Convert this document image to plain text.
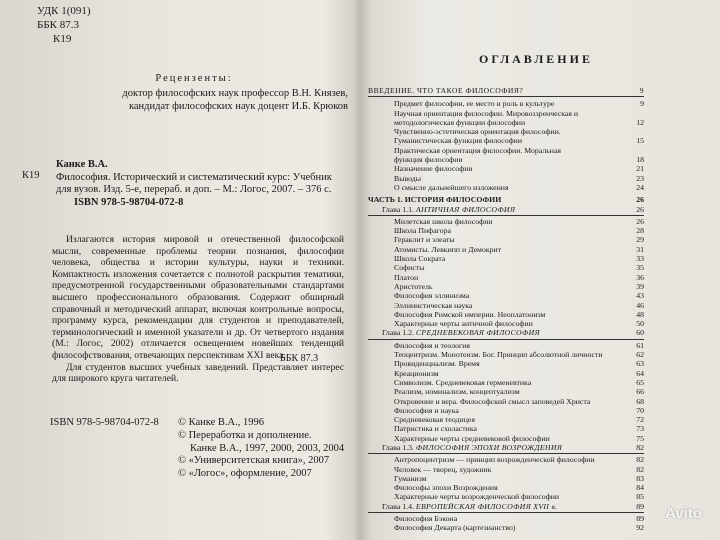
УДК 1(091)
ББК 87.3
К19
Рецензенты:
доктор философских наук профессор В.Н. Князев,
кандидат философских наук доцент И.Б. Крюков
К19
Канке В.А.
Философия. Исторический и систематический курс: Учебник для вузов. Изд. 5-е, перераб. и доп. – М.: Логос, 2007. – 376 с.
ISBN 978-5-98704-072-8

Излагаются история мировой и отечественной философской мысли, современные проблемы теории познания, философии человека, общества и истории культуры, науки и техники. Компактность изложения сочетается с полнотой раскрытия тематики, предусмотренной государственными образовательными стандартами высшего профессионального образования. Содержит обширный справочный и методический аппарат, включая контрольные вопросы, программу курса, рекомендации для студентов и преподавателей, терминологический и именной указатели и др. От четвертого издания (М.: Логос, 2002) отличается освещением новейших тенденций философствования, отвечающих перспективам XXI века.

Для студентов высших учебных заведений. Представляет интерес для широкого круга читателей.

ББК 87.3
ISBN 978-5-98704-072-8 © Канке В.А., 1996
© Переработка и дополнение.
Канке В.А., 1997, 2000, 2003, 2004
© «Университетская книга», 2007
© «Логос», оформление, 2007
ОГЛАВЛЕНИЕ
ВВЕДЕНИЕ. ЧТО ТАКОЕ ФИЛОСОФИЯ?	9
Предмет философии, ее место и роль в культуре	9
Научная ориентация философии. Мировоззренческая и
методологическая функции философии	12
Чувственно-эстетическая ориентация философии. Гуманистическая функция философии	15
Практическая ориентация философии. Моральная
функция философии	18
Назначение философии	21
Выводы	23
О смысле дальнейшего изложения	24
ЧАСТЬ 1. ИСТОРИЯ ФИЛОСОФИИ	26
Глава 1.1. АНТИЧНАЯ ФИЛОСОФИЯ	26
Милетская школа философии	26
Школа Пифагора	28
Гераклит и элеаты	29
Атомисты. Левкипп и Демокрит	31
Школа Сократа	33
Софисты	35
Платон	36
Аристотель	39
Философия эллинизма	43
Эллинистическая наука	46
Философия Римской империи. Неоплатонизм	48
Характерные черты античной философии	50
Глава 1.2. СРЕДНЕВЕКОВАЯ ФИЛОСОФИЯ	60
Философия и теология	61
Теоцентризм. Монотеизм. Бог. Принцип абсолютной личности	62
Провиденциализм. Время	63
Креационизм	64
Символизм. Средневековая герменевтика	65
Реализм, номинализм, концептуализм	66
Откровение и вера. Философский смысл заповедей Христа	68
Философия и наука	70
Средневековая теодицея	72
Патристика и схоластика	73
Характерные черты средневековой философии	75
Глава 1.3. ФИЛОСОФИЯ ЭПОХИ ВОЗРОЖДЕНИЯ	82
Антропоцентризм — принцип возрожденческой философии	82
Человек — творец, художник	82
Гуманизм	83
Философы эпохи Возрождения	84
Характерные черты возрожденческой философии	85
Глава 1.4. ЕВРОПЕЙСКАЯ ФИЛОСОФИЯ XVII в.	89
Философия Бэкона	89
Философия Декарта (картезианство)	92
Avito
